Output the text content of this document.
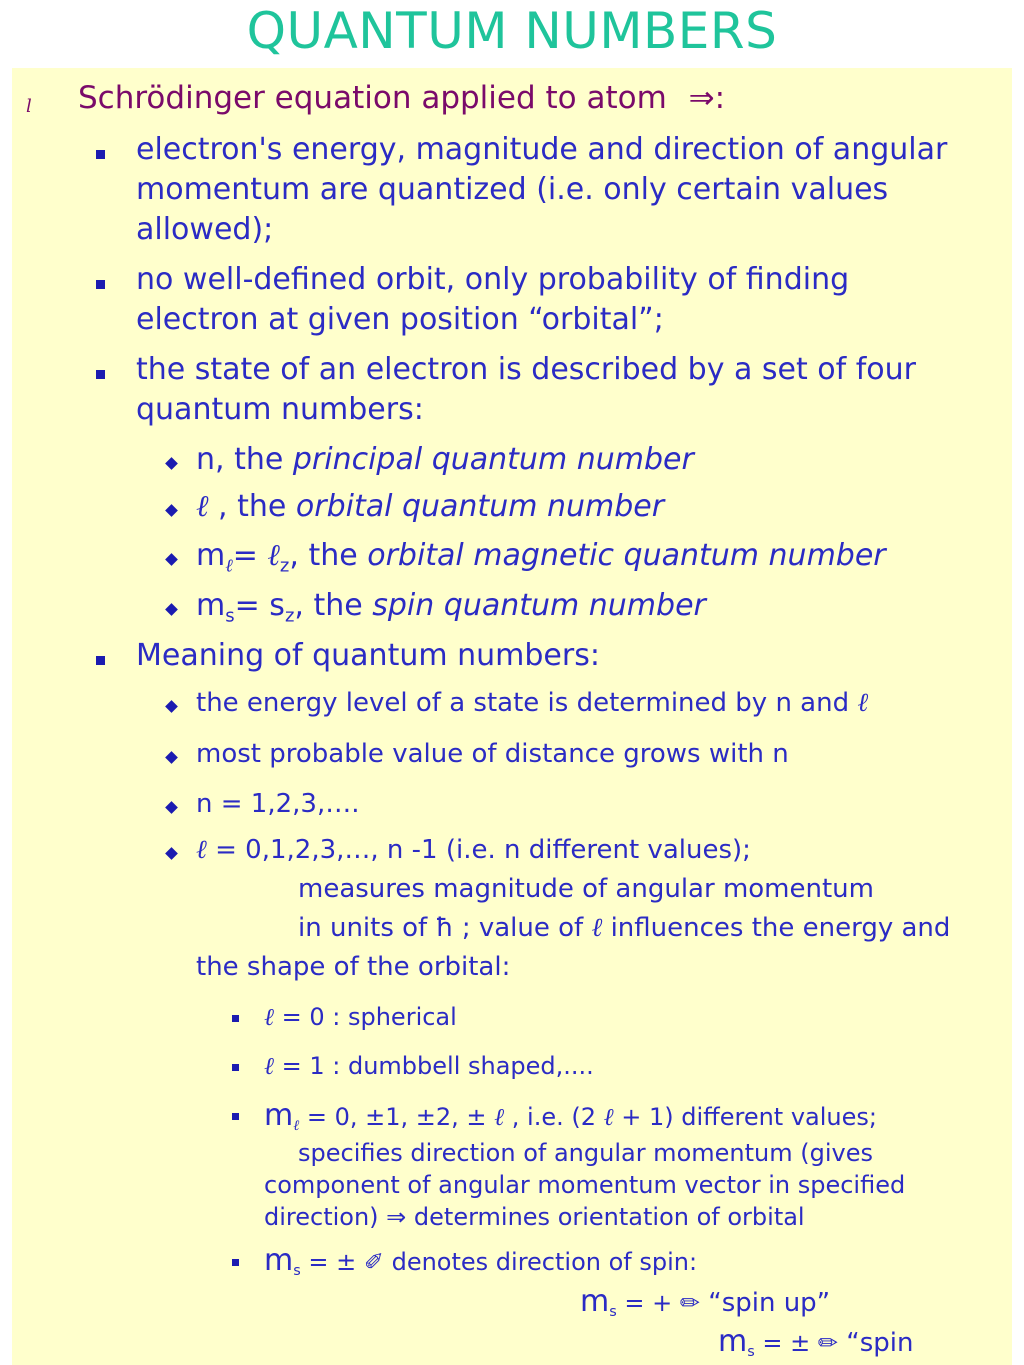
QUANTUM NUMBERS
l Schrödinger equation applied to atom ⇒:
electron's energy, magnitude and direction of angular
momentum are quantized (i.e. only certain values
allowed);
no well-defined orbit, only probability of finding
electron at given position “orbital”;
the state of an electron is described by a set of four
quantum numbers:
n, the principal quantum number
ℓ , the orbital quantum number
$m_\ell=$ ℓ$_z$, the orbital magnetic quantum number
$m_s= s_z$, the spin quantum number
Meaning of quantum numbers:
the energy level of a state is determined by n and ℓ
most probable value of distance grows with n
n = 1,2,3,….
ℓ = 0,1,2,3,…, n -1 (i.e. n different values);
measures magnitude of angular momentum
in units of ħ ; value of ℓ influences the energy and
the shape of the orbital:
ℓ = 0 : spherical
ℓ = 1 : dumbbell shaped,....
$m_\ell = 0$, ±1, ±2, ± ℓ , i.e. (2 ℓ + 1) different values;
specifies direction of angular momentum (gives
component of angular momentum vector in specified
direction) ⇒ determines orientation of orbital
$m_s$ = ± ✐ denotes direction of spin:
$m_s$ = + ✏ “spin up”
$m_s$ = ± ✏ “spin
